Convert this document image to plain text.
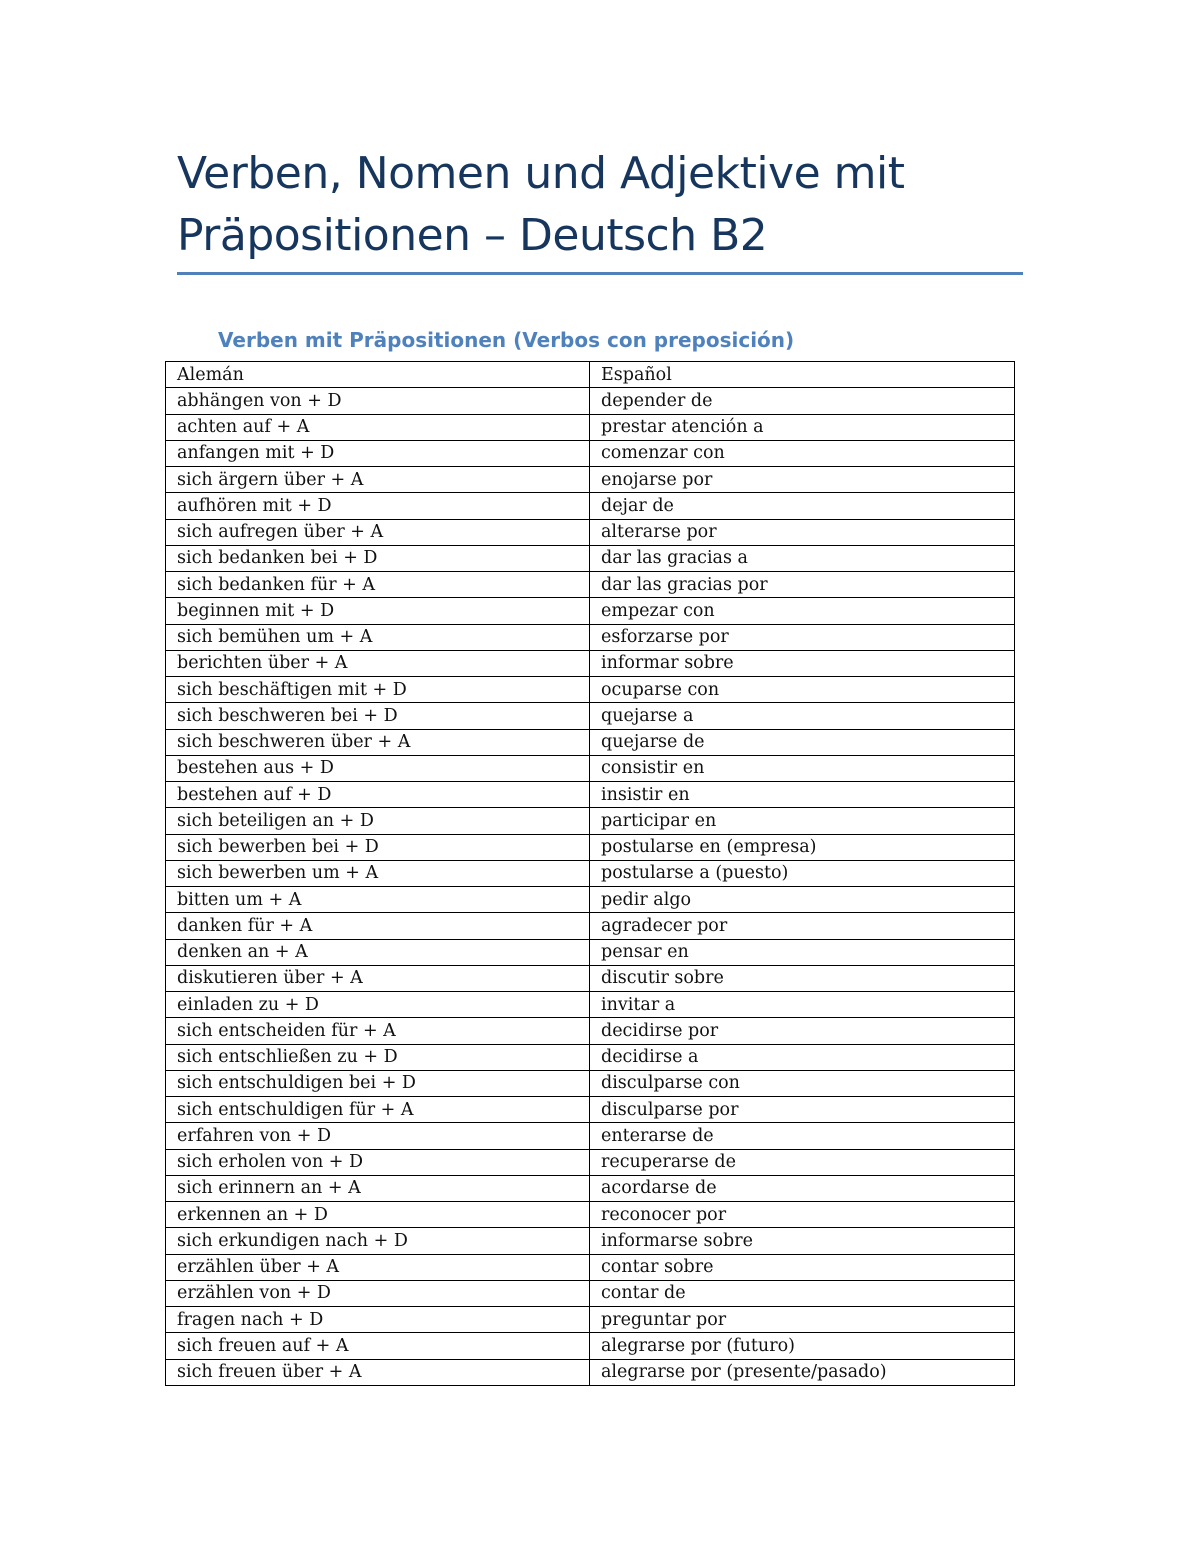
Verben, Nomen und Adjektive mit Präpositionen – Deutsch B2
Verben mit Präpositionen (Verbos con preposición)
Alemán	Español
abhängen von + D	depender de
achten auf + A	prestar atención a
anfangen mit + D	comenzar con
sich ärgern über + A	enojarse por
aufhören mit + D	dejar de
sich aufregen über + A	alterarse por
sich bedanken bei + D	dar las gracias a
sich bedanken für + A	dar las gracias por
beginnen mit + D	empezar con
sich bemühen um + A	esforzarse por
berichten über + A	informar sobre
sich beschäftigen mit + D	ocuparse con
sich beschweren bei + D	quejarse a
sich beschweren über + A	quejarse de
bestehen aus + D	consistir en
bestehen auf + D	insistir en
sich beteiligen an + D	participar en
sich bewerben bei + D	postularse en (empresa)
sich bewerben um + A	postularse a (puesto)
bitten um + A	pedir algo
danken für + A	agradecer por
denken an + A	pensar en
diskutieren über + A	discutir sobre
einladen zu + D	invitar a
sich entscheiden für + A	decidirse por
sich entschließen zu + D	decidirse a
sich entschuldigen bei + D	disculparse con
sich entschuldigen für + A	disculparse por
erfahren von + D	enterarse de
sich erholen von + D	recuperarse de
sich erinnern an + A	acordarse de
erkennen an + D	reconocer por
sich erkundigen nach + D	informarse sobre
erzählen über + A	contar sobre
erzählen von + D	contar de
fragen nach + D	preguntar por
sich freuen auf + A	alegrarse por (futuro)
sich freuen über + A	alegrarse por (presente/pasado)
